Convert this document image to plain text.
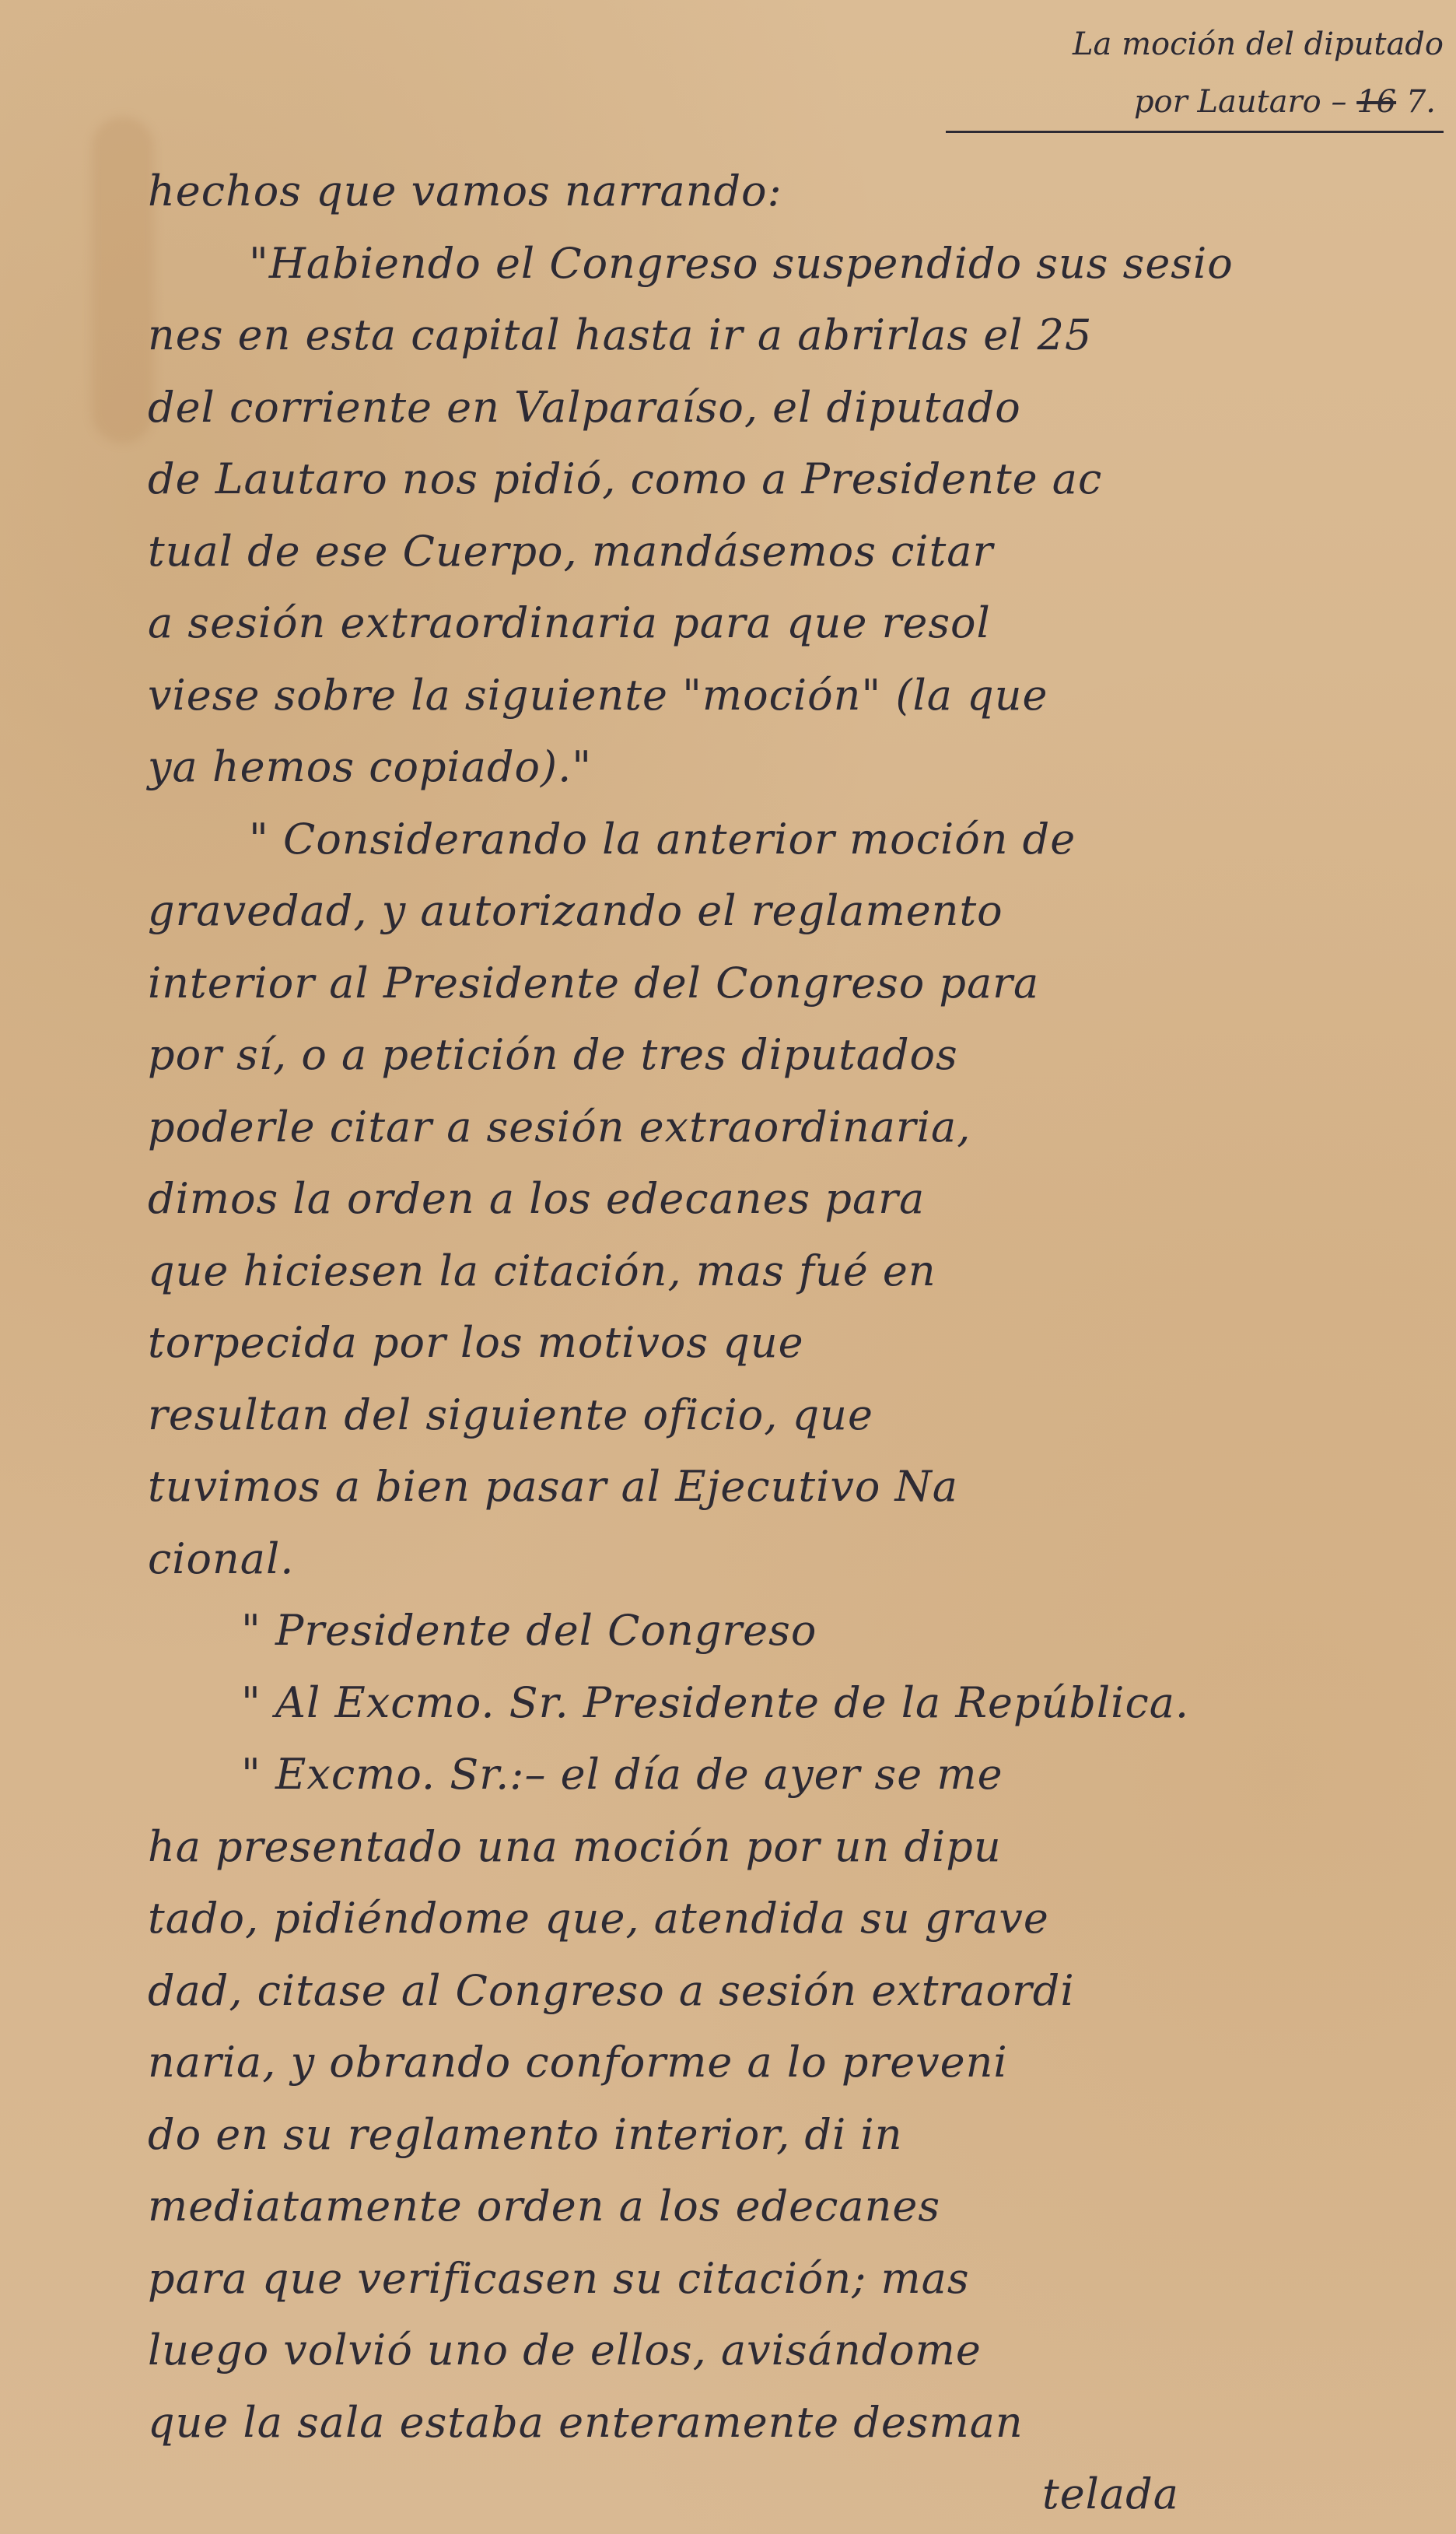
La moción del diputado
por Lautaro – 16 7.
hechos que vamos narrando:
"Habiendo el Congreso suspendido sus sesio
nes en esta capital hasta ir a abrirlas el 25
del corriente en Valparaíso, el diputado
de Lautaro nos pidió, como a Presidente ac
tual de ese Cuerpo, mandásemos citar
a sesión extraordinaria para que resol
viese sobre la siguiente "moción" (la que
ya hemos copiado)."
" Considerando la anterior moción de
gravedad, y autorizando el reglamento
interior al Presidente del Congreso para
por sí, o a petición de tres diputados
poderle citar a sesión extraordinaria,
dimos la orden a los edecanes para
que hiciesen la citación, mas fué en
torpecida por los motivos que
resultan del siguiente oficio, que
tuvimos a bien pasar al Ejecutivo Na
cional.
" Presidente del Congreso
" Al Excmo. Sr. Presidente de la República.
" Excmo. Sr.:– el día de ayer se me
ha presentado una moción por un dipu
tado, pidiéndome que, atendida su grave
dad, citase al Congreso a sesión extraordi
naria, y obrando conforme a lo preveni
do en su reglamento interior, di in
mediatamente orden a los edecanes
para que verificasen su citación; mas
luego volvió uno de ellos, avisándome
que la sala estaba enteramente desman
telada
